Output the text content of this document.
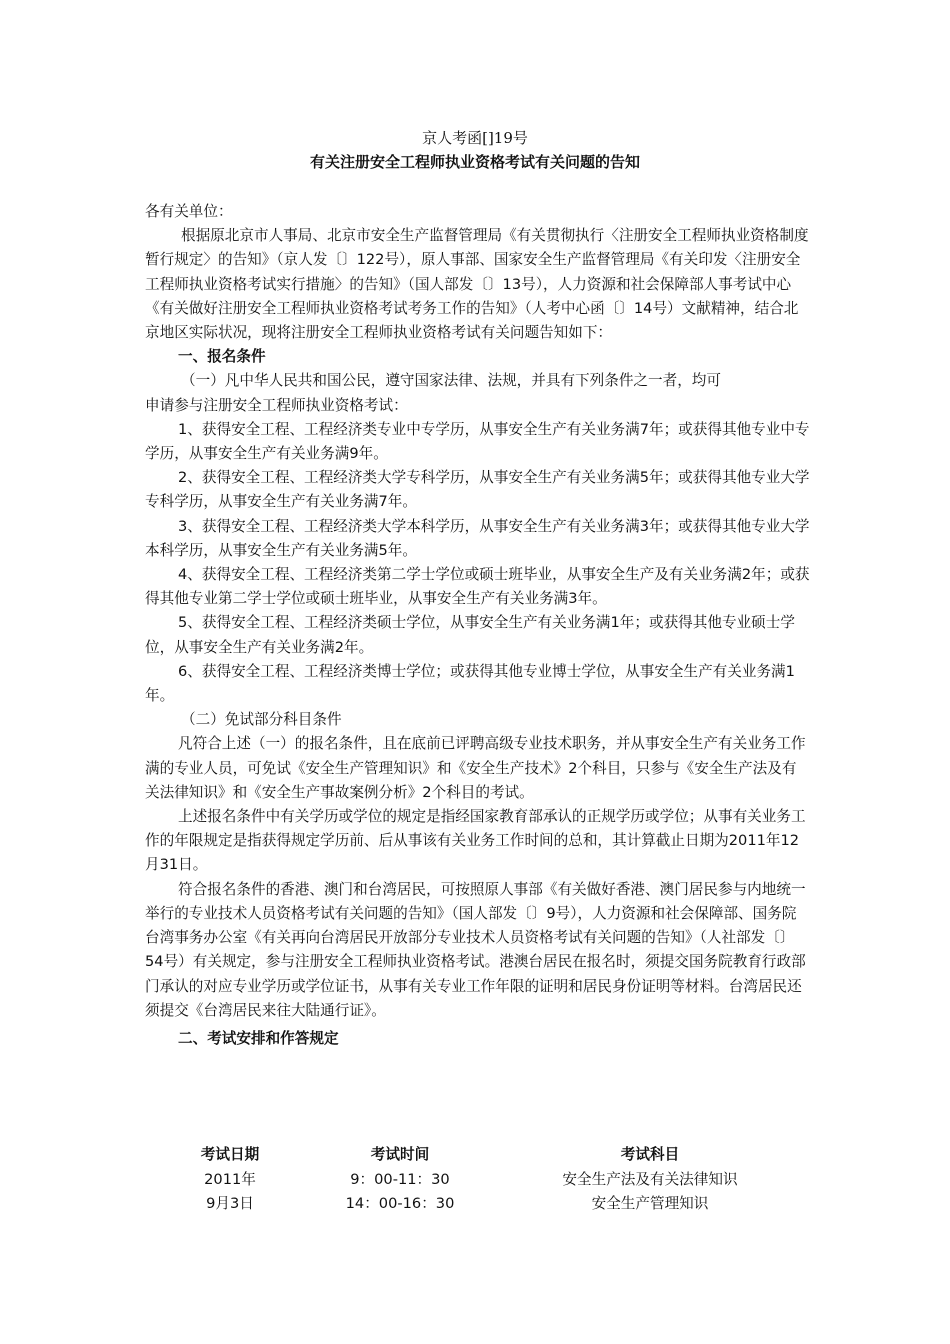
京人考函[]19号
有关注册安全工程师执业资格考试有关问题的告知

各有关单位：

根据原北京市人事局、北京市安全生产监督管理局《有关贯彻执行〈注册安全工程师执业资格制度暂行规定〉的告知》（京人发〔〕122号），原人事部、国家安全生产监督管理局《有关印发〈注册安全工程师执业资格考试实行措施〉的告知》（国人部发〔〕13号），人力资源和社会保障部人事考试中心《有关做好注册安全工程师执业资格考试考务工作的告知》（人考中心函〔〕14号）文献精神，结合北京地区实际状况，现将注册安全工程师执业资格考试有关问题告知如下：

一、报名条件

（一）凡中华人民共和国公民，遵守国家法律、法规，并具有下列条件之一者，均可

申请参与注册安全工程师执业资格考试：

1、获得安全工程、工程经济类专业中专学历，从事安全生产有关业务满7年；或获得其他专业中专学历，从事安全生产有关业务满9年。

2、获得安全工程、工程经济类大学专科学历，从事安全生产有关业务满5年；或获得其他专业大学专科学历，从事安全生产有关业务满7年。

3、获得安全工程、工程经济类大学本科学历，从事安全生产有关业务满3年；或获得其他专业大学本科学历，从事安全生产有关业务满5年。

4、获得安全工程、工程经济类第二学士学位或硕士班毕业，从事安全生产及有关业务满2年；或获得其他专业第二学士学位或硕士班毕业，从事安全生产有关业务满3年。

5、获得安全工程、工程经济类硕士学位，从事安全生产有关业务满1年；或获得其他专业硕士学位，从事安全生产有关业务满2年。

6、获得安全工程、工程经济类博士学位；或获得其他专业博士学位，从事安全生产有关业务满1年。

（二）免试部分科目条件

凡符合上述（一）的报名条件，且在底前已评聘高级专业技术职务，并从事安全生产有关业务工作满的专业人员，可免试《安全生产管理知识》和《安全生产技术》2个科目，只参与《安全生产法及有关法律知识》和《安全生产事故案例分析》2个科目的考试。

上述报名条件中有关学历或学位的规定是指经国家教育部承认的正规学历或学位；从事有关业务工作的年限规定是指获得规定学历前、后从事该有关业务工作时间的总和，其计算截止日期为2011年12月31日。

符合报名条件的香港、澳门和台湾居民，可按照原人事部《有关做好香港、澳门居民参与内地统一举行的专业技术人员资格考试有关问题的告知》（国人部发〔〕9号），人力资源和社会保障部、国务院台湾事务办公室《有关再向台湾居民开放部分专业技术人员资格考试有关问题的告知》（人社部发〔〕54号）有关规定，参与注册安全工程师执业资格考试。港澳台居民在报名时，须提交国务院教育行政部门承认的对应专业学历或学位证书，从事有关专业工作年限的证明和居民身份证明等材料。台湾居民还须提交《台湾居民来往大陆通行证》。

二、考试安排和作答规定

考试日期	考试时间	考试科目
2011年	9：00-11：30	安全生产法及有关法律知识
9月3日	14：00-16：30	安全生产管理知识
